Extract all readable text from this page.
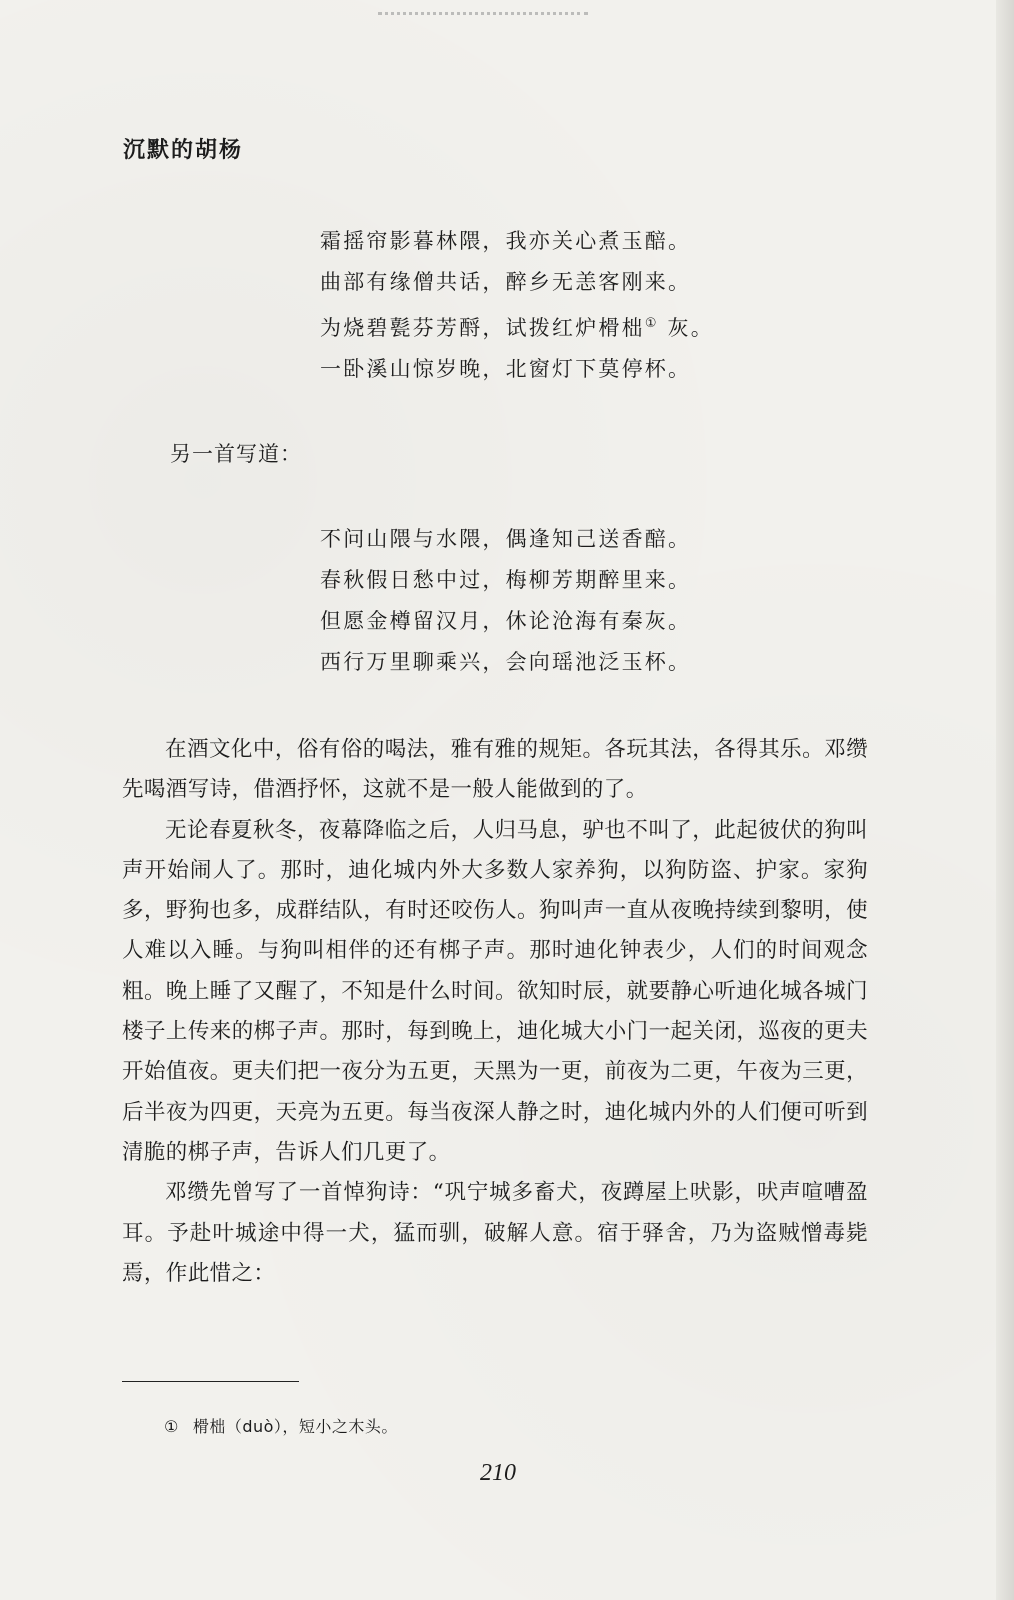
沉默的胡杨
霜摇帘影暮林隈，我亦关心煮玉醅。
曲部有缘僧共话，醉乡无恙客刚来。
为烧碧甏芬芳酹，试拨红炉榾柮① 灰。
一卧溪山惊岁晚，北窗灯下莫停杯。
另一首写道：
不问山隈与水隈，偶逢知己送香醅。
春秋假日愁中过，梅柳芳期醉里来。
但愿金樽留汉月，休论沧海有秦灰。
西行万里聊乘兴，会向瑶池泛玉杯。

在酒文化中，俗有俗的喝法，雅有雅的规矩。各玩其法，各得其乐。邓缵先喝酒写诗，借酒抒怀，这就不是一般人能做到的了。

无论春夏秋冬，夜幕降临之后，人归马息，驴也不叫了，此起彼伏的狗叫声开始闹人了。那时，迪化城内外大多数人家养狗，以狗防盗、护家。家狗多，野狗也多，成群结队，有时还咬伤人。狗叫声一直从夜晚持续到黎明，使人难以入睡。与狗叫相伴的还有梆子声。那时迪化钟表少，人们的时间观念粗。晚上睡了又醒了，不知是什么时间。欲知时辰，就要静心听迪化城各城门楼子上传来的梆子声。那时，每到晚上，迪化城大小门一起关闭，巡夜的更夫开始值夜。更夫们把一夜分为五更，天黑为一更，前夜为二更，午夜为三更，后半夜为四更，天亮为五更。每当夜深人静之时，迪化城内外的人们便可听到清脆的梆子声，告诉人们几更了。

邓缵先曾写了一首悼狗诗：“巩宁城多畜犬，夜蹲屋上吠影，吠声喧嘈盈耳。予赴叶城途中得一犬，猛而驯，破解人意。宿于驿舍，乃为盗贼憎毒毙焉，作此惜之：

① 榾柮（duò），短小之木头。
210
